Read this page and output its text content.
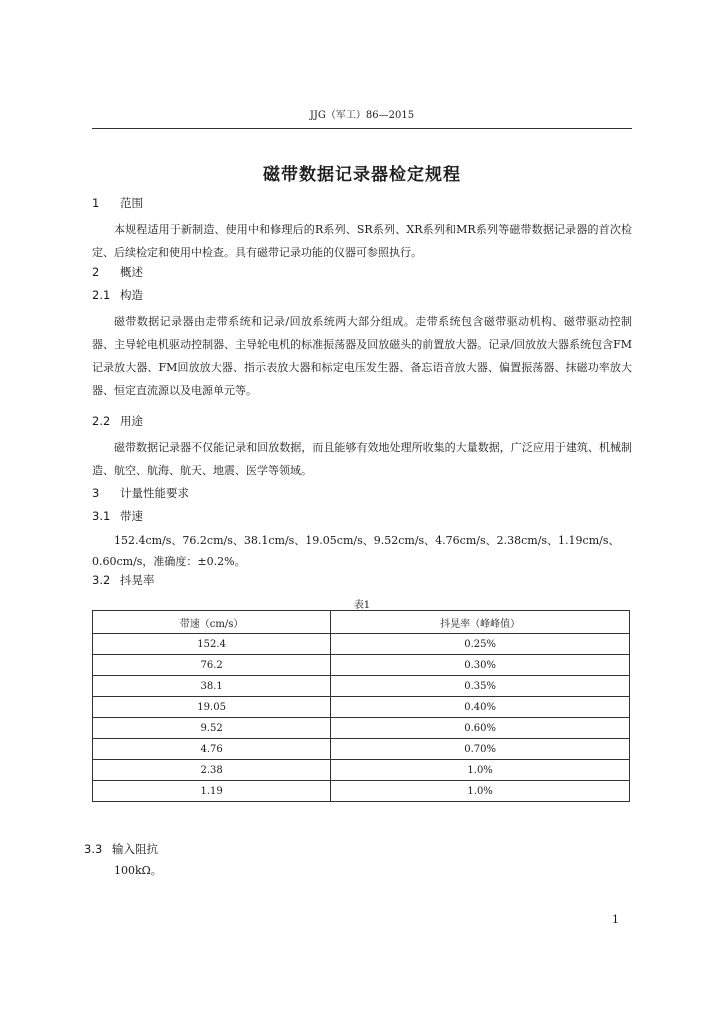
JJG（军工）86—2015
磁带数据记录器检定规程
1 范围

本规程适用于新制造、使用中和修理后的R系列、SR系列、XR系列和MR系列等磁带数据记录器的首次检定、后续检定和使用中检查。具有磁带记录功能的仪器可参照执行。

2 概述
2.1 构造

磁带数据记录器由走带系统和记录/回放系统两大部分组成。走带系统包含磁带驱动机构、磁带驱动控制器、主导轮电机驱动控制器、主导轮电机的标准振荡器及回放磁头的前置放大器。记录/回放放大器系统包含FM记录放大器、FM回放放大器、指示表放大器和标定电压发生器、备忘语音放大器、偏置振荡器、抹磁功率放大器、恒定直流源以及电源单元等。

2.2 用途

磁带数据记录器不仅能记录和回放数据，而且能够有效地处理所收集的大量数据，广泛应用于建筑、机械制造、航空、航海、航天、地震、医学等领域。

3 计量性能要求
3.1 带速

152.4cm/s、76.2cm/s、38.1cm/s、19.05cm/s、9.52cm/s、4.76cm/s、2.38cm/s、1.19cm/s、

0.60cm/s，准确度：±0.2%。

3.2 抖晃率
表1
带速（cm/s）	抖晃率（峰峰值）
152.4	0.25%
76.2	0.30%
38.1	0.35%
19.05	0.40%
9.52	0.60%
4.76	0.70%
2.38	1.0%
1.19	1.0%
3.3 输入阻抗

100kΩ。

1
